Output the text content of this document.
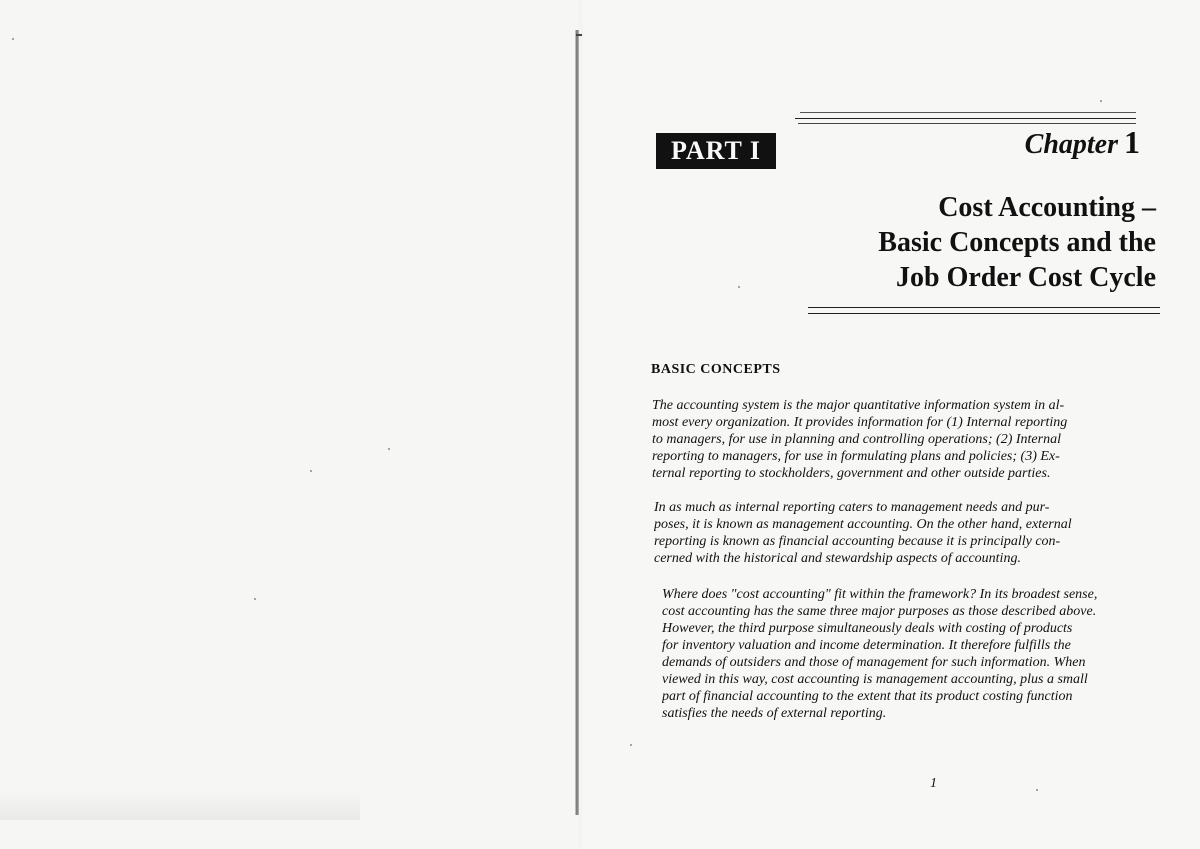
PART I	Chapter 1
Cost Accounting –
Basic Concepts and the
Job Order Cost Cycle
BASIC CONCEPTS
The accounting system is the major quantitative information system in al-
most every organization. It provides information for (1) Internal reporting
to managers, for use in planning and controlling operations; (2) Internal
reporting to managers, for use in formulating plans and policies; (3) Ex-
ternal reporting to stockholders, government and other outside parties.
In as much as internal reporting caters to management needs and pur-
poses, it is known as management accounting. On the other hand, external
reporting is known as financial accounting because it is principally con-
cerned with the historical and stewardship aspects of accounting.
Where does "cost accounting" fit within the framework? In its broadest sense,
cost accounting has the same three major purposes as those described above.
However, the third purpose simultaneously deals with costing of products
for inventory valuation and income determination. It therefore fulfills the
demands of outsiders and those of management for such information. When
viewed in this way, cost accounting is management accounting, plus a small
part of financial accounting to the extent that its product costing function
satisfies the needs of external reporting.
1
